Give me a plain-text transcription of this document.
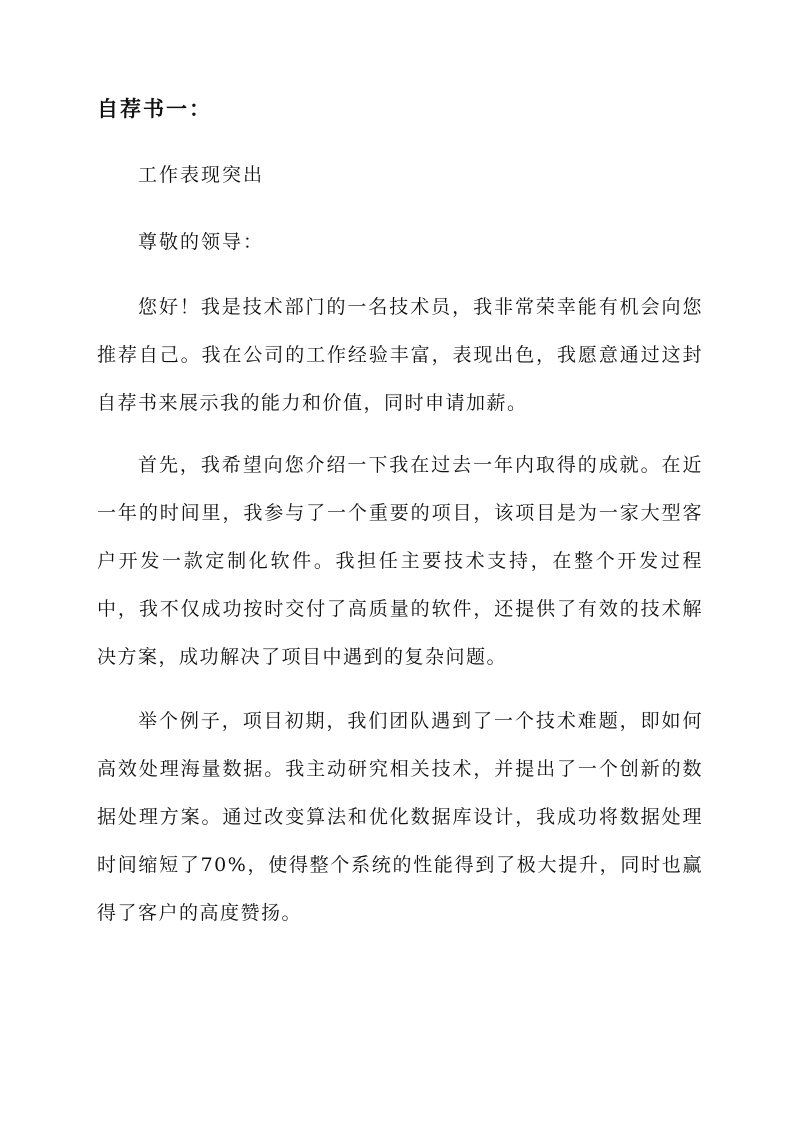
自荐书一：
工作表现突出
尊敬的领导：

您好！我是技术部门的一名技术员，我非常荣幸能有机会向您推荐自己。我在公司的工作经验丰富，表现出色，我愿意通过这封自荐书来展示我的能力和价值，同时申请加薪。

首先，我希望向您介绍一下我在过去一年内取得的成就。在近一年的时间里，我参与了一个重要的项目，该项目是为一家大型客户开发一款定制化软件。我担任主要技术支持，在整个开发过程中，我不仅成功按时交付了高质量的软件，还提供了有效的技术解决方案，成功解决了项目中遇到的复杂问题。

举个例子，项目初期，我们团队遇到了一个技术难题，即如何高效处理海量数据。我主动研究相关技术，并提出了一个创新的数据处理方案。通过改变算法和优化数据库设计，我成功将数据处理时间缩短了70%，使得整个系统的性能得到了极大提升，同时也赢得了客户的高度赞扬。
